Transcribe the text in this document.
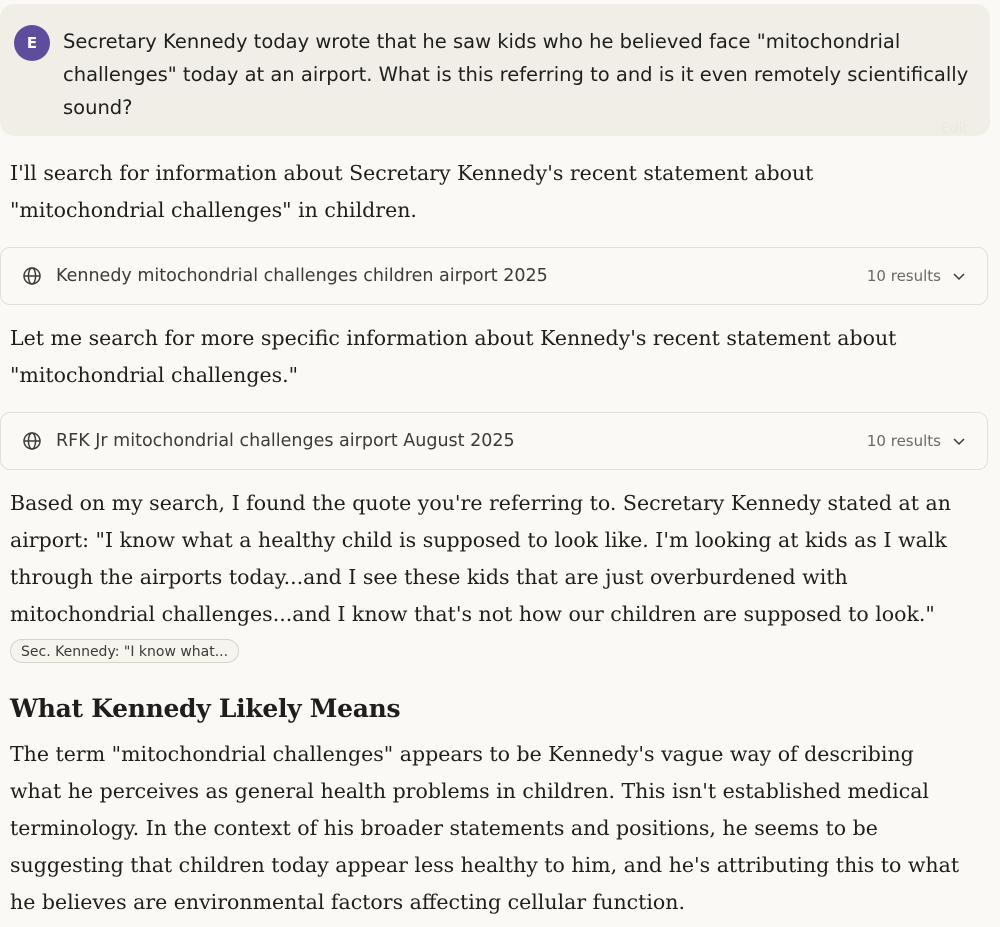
E	Secretary Kennedy today wrote that he saw kids who he believed face "mitochondrial challenges" today at an airport. What is this referring to and is it even remotely scientifically sound?

Edit

I'll search for information about Secretary Kennedy's recent statement about "mitochondrial challenges" in children.

Kennedy mitochondrial challenges children airport 2025	10 results

Let me search for more specific information about Kennedy's recent statement about "mitochondrial challenges."

RFK Jr mitochondrial challenges airport August 2025	10 results

Based on my search, I found the quote you're referring to. Secretary Kennedy stated at an airport: "I know what a healthy child is supposed to look like. I'm looking at kids as I walk through the airports today...and I see these kids that are just overburdened with mitochondrial challenges...and I know that's not how our children are supposed to look."

Sec. Kennedy: "I know what...
What Kennedy Likely Means

The term "mitochondrial challenges" appears to be Kennedy's vague way of describing what he perceives as general health problems in children. This isn't established medical terminology. In the context of his broader statements and positions, he seems to be suggesting that children today appear less healthy to him, and he's attributing this to what he believes are environmental factors affecting cellular function.
